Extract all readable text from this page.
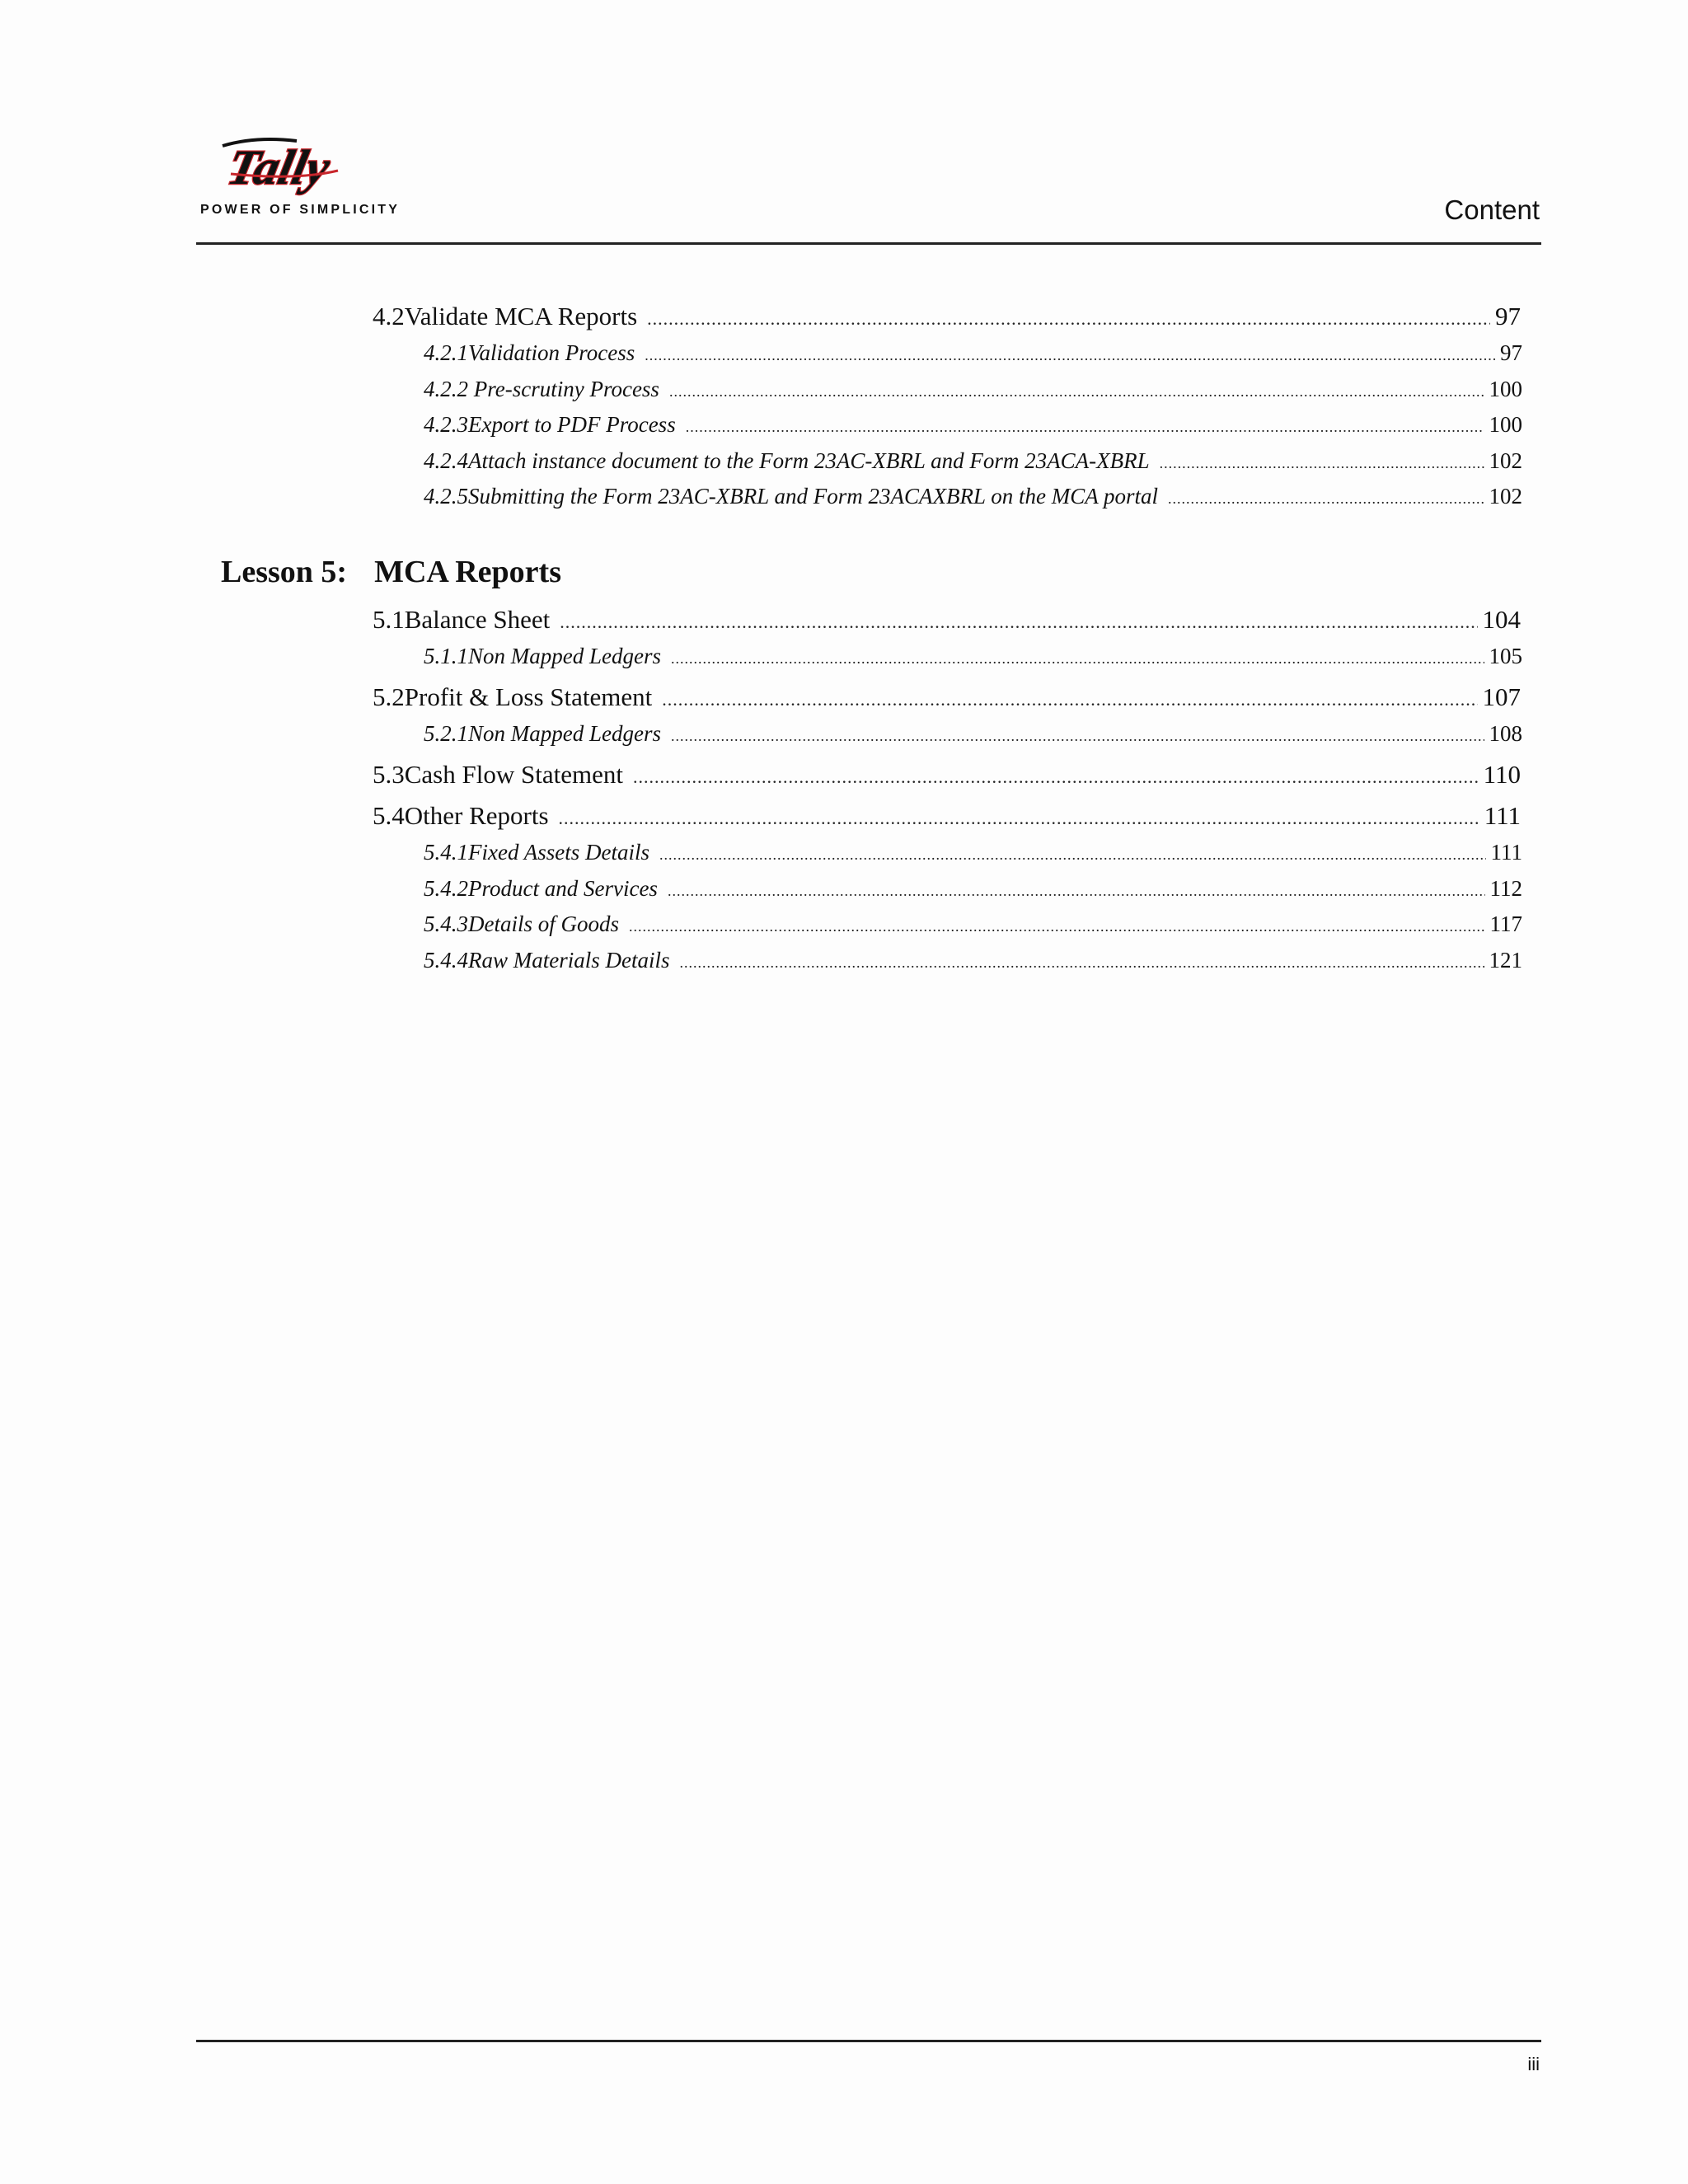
Tally
POWER OF SIMPLICITY	Content
4.2 Validate MCA Reports .....	97
4.2.1 Validation Process .....	97
4.2.2 Pre-scrutiny Process .....	100
4.2.3 Export to PDF Process .....	100
4.2.4 Attach instance document to the Form 23AC-XBRL and Form 23ACA-XBRL .....	102
4.2.5 Submitting the Form 23AC-XBRL and Form 23ACAXBRL on the MCA portal .....	102
Lesson 5: MCA Reports
5.1 Balance Sheet .....	104
5.1.1 Non Mapped Ledgers .....	105
5.2 Profit & Loss Statement .....	107
5.2.1 Non Mapped Ledgers .....	108
5.3 Cash Flow Statement .....	110
5.4 Other Reports .....	111
5.4.1 Fixed Assets Details .....	111
5.4.2 Product and Services .....	112
5.4.3 Details of Goods .....	117
5.4.4 Raw Materials Details .....	121
iii
